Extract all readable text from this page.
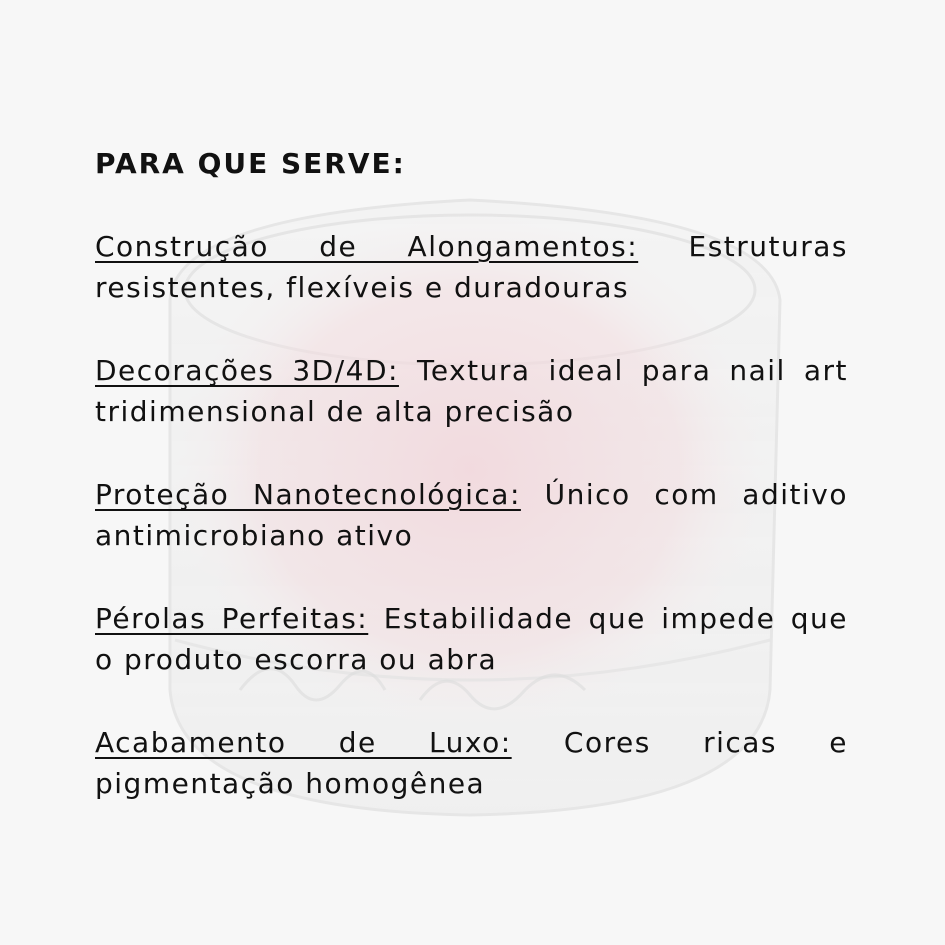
PARA QUE SERVE:

Construção de Alongamentos: Estruturas resistentes, flexíveis e duradouras

Decorações 3D/4D: Textura ideal para nail art tridimensional de alta precisão

Proteção Nanotecnológica: Único com aditivo antimicrobiano ativo

Pérolas Perfeitas: Estabilidade que impede que o produto escorra ou abra

Acabamento de Luxo: Cores ricas e pigmentação homogênea
